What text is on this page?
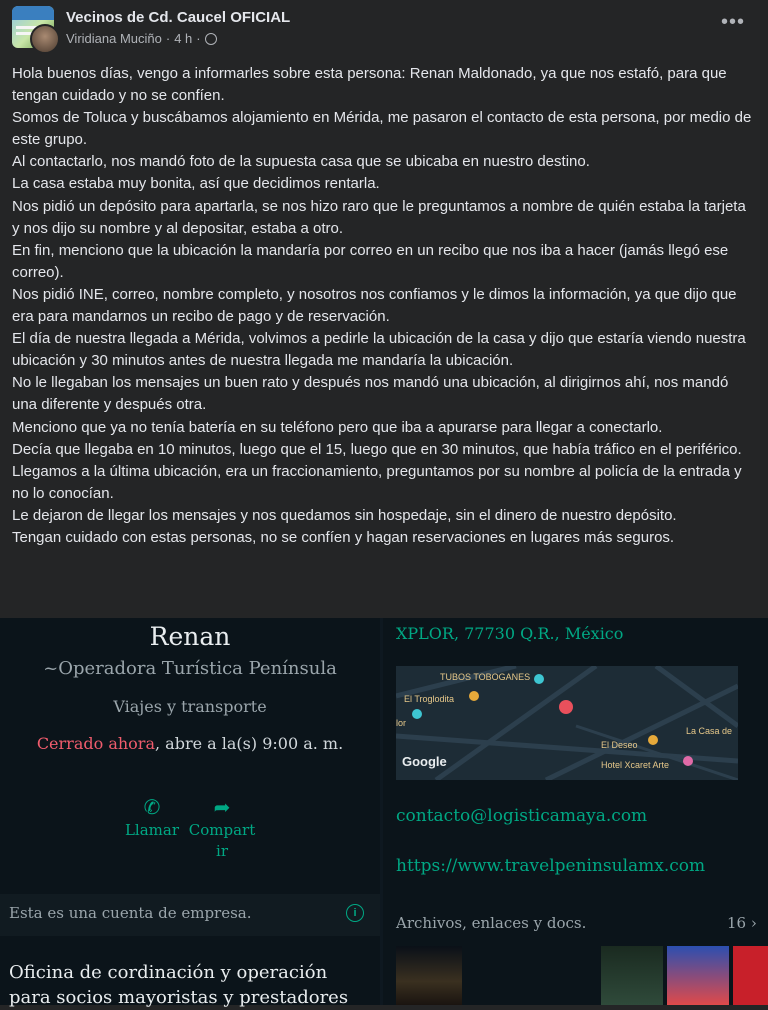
Vecinos de Cd. Caucel OFICIAL
Viridiana Muciño · 4 h ·
•••

Hola buenos días, vengo a informarles sobre esta persona: Renan Maldonado, ya que nos estafó, para que tengan cuidado y no se confíen.

Somos de Toluca y buscábamos alojamiento en Mérida, me pasaron el contacto de esta persona, por medio de este grupo.

Al contactarlo, nos mandó foto de la supuesta casa que se ubicaba en nuestro destino.

La casa estaba muy bonita, así que decidimos rentarla.

Nos pidió un depósito para apartarla, se nos hizo raro que le preguntamos a nombre de quién estaba la tarjeta y nos dijo su nombre y al depositar, estaba a otro.

En fin, menciono que la ubicación la mandaría por correo en un recibo que nos iba a hacer (jamás llegó ese correo).

Nos pidió INE, correo, nombre completo, y nosotros nos confiamos y le dimos la información, ya que dijo que era para mandarnos un recibo de pago y de reservación.

El día de nuestra llegada a Mérida, volvimos a pedirle la ubicación de la casa y dijo que estaría viendo nuestra ubicación y 30 minutos antes de nuestra llegada me mandaría la ubicación.

No le llegaban los mensajes un buen rato y después nos mandó una ubicación, al dirigirnos ahí, nos mandó una diferente y después otra.

Menciono que ya no tenía batería en su teléfono pero que iba a apurarse para llegar a conectarlo.

Decía que llegaba en 10 minutos, luego que el 15, luego que en 30 minutos, que había tráfico en el periférico.

Llegamos a la última ubicación, era un fraccionamiento, preguntamos por su nombre al policía de la entrada y no lo conocían.

Le dejaron de llegar los mensajes y nos quedamos sin hospedaje, sin el dinero de nuestro depósito.

Tengan cuidado con estas personas, no se confíen y hagan reservaciones en lugares más seguros.

Renan
~Operadora Turística Península
Viajes y transporte
Cerrado ahora, abre a la(s) 9:00 a. m.
✆
Llamar
➦
Compart ir
Esta es una cuenta de empresa.	i
Oficina de cordinación y operación para socios mayoristas y prestadores
XPLOR, 77730 Q.R., México
TUBOS TOBOGANES
El Troglodita
lor
El Deseo
La Casa de
Hotel Xcaret Arte
Google
contacto@logisticamaya.com
https://www.travelpeninsulamx.com
Archivos, enlaces y docs.	16 ›
